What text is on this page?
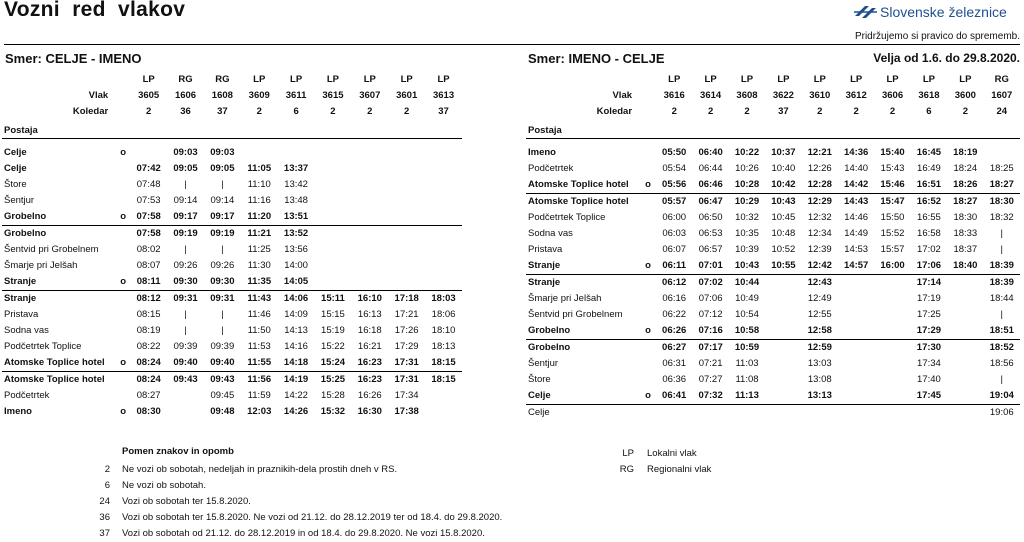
Vozni  red  vlakov	Slovenske železnice
Pridržujemo si pravico do sprememb.
Smer: CELJE - IMENO	Smer: IMENO - CELJE	Velja od 1.6. do 29.8.2020.
		LP	RG	RG	LP	LP	LP	LP	LP	LP
Vlak		3605	1606	1608	3609	3611	3615	3607	3601	3613
Koledar		2	36	37	2	6	2	2	2	37
Postaja										
Celje	o		09:03	09:03						
Celje		07:42	09:05	09:05	11:05	13:37				
Štore		07:48	|	|	11:10	13:42				
Šentjur		07:53	09:14	09:14	11:16	13:48				
Grobelno	o	07:58	09:17	09:17	11:20	13:51				
Grobelno		07:58	09:19	09:19	11:21	13:52				
Šentvid pri Grobelnem		08:02	|	|	11:25	13:56				
Šmarje pri Jelšah		08:07	09:26	09:26	11:30	14:00				
Stranje	o	08:11	09:30	09:30	11:35	14:05				
Stranje		08:12	09:31	09:31	11:43	14:06	15:11	16:10	17:18	18:03
Pristava		08:15	|	|	11:46	14:09	15:15	16:13	17:21	18:06
Sodna vas		08:19	|	|	11:50	14:13	15:19	16:18	17:26	18:10
Podčetrtek Toplice		08:22	09:39	09:39	11:53	14:16	15:22	16:21	17:29	18:13
Atomske Toplice hotel	o	08:24	09:40	09:40	11:55	14:18	15:24	16:23	17:31	18:15
Atomske Toplice hotel		08:24	09:43	09:43	11:56	14:19	15:25	16:23	17:31	18:15
Podčetrtek		08:27		09:45	11:59	14:22	15:28	16:26	17:34	
Imeno	o	08:30		09:48	12:03	14:26	15:32	16:30	17:38	
		LP	LP	LP	LP	LP	LP	LP	LP	LP	RG
Vlak		3616	3614	3608	3622	3610	3612	3606	3618	3600	1607
Koledar		2	2	2	37	2	2	2	6	2	24
Postaja											
Imeno		05:50	06:40	10:22	10:37	12:21	14:36	15:40	16:45	18:19	
Podčetrtek		05:54	06:44	10:26	10:40	12:26	14:40	15:43	16:49	18:24	18:25
Atomske Toplice hotel	o	05:56	06:46	10:28	10:42	12:28	14:42	15:46	16:51	18:26	18:27
Atomske Toplice hotel		05:57	06:47	10:29	10:43	12:29	14:43	15:47	16:52	18:27	18:30
Podčetrtek Toplice		06:00	06:50	10:32	10:45	12:32	14:46	15:50	16:55	18:30	18:32
Sodna vas		06:03	06:53	10:35	10:48	12:34	14:49	15:52	16:58	18:33	|
Pristava		06:07	06:57	10:39	10:52	12:39	14:53	15:57	17:02	18:37	|
Stranje	o	06:11	07:01	10:43	10:55	12:42	14:57	16:00	17:06	18:40	18:39
Stranje		06:12	07:02	10:44		12:43			17:14		18:39
Šmarje pri Jelšah		06:16	07:06	10:49		12:49			17:19		18:44
Šentvid pri Grobelnem		06:22	07:12	10:54		12:55			17:25		|
Grobelno	o	06:26	07:16	10:58		12:58			17:29		18:51
Grobelno		06:27	07:17	10:59		12:59			17:30		18:52
Šentjur		06:31	07:21	11:03		13:03			17:34		18:56
Štore		06:36	07:27	11:08		13:08			17:40		|
Celje	o	06:41	07:32	11:13		13:13			17:45		19:04
Celje											19:06
Pomen znakov in opomb
2 Ne vozi ob sobotah, nedeljah in praznikih-dela prostih dneh v RS.
6 Ne vozi ob sobotah.
24 Vozi ob sobotah ter 15.8.2020.
36 Vozi ob sobotah ter 15.8.2020. Ne vozi od 21.12. do 28.12.2019 ter od 18.4. do 29.8.2020.
37 Vozi ob sobotah od 21.12. do 28.12.2019 in od 18.4. do 29.8.2020. Ne vozi 15.8.2020.
LP Lokalni vlak
RG Regionalni vlak
